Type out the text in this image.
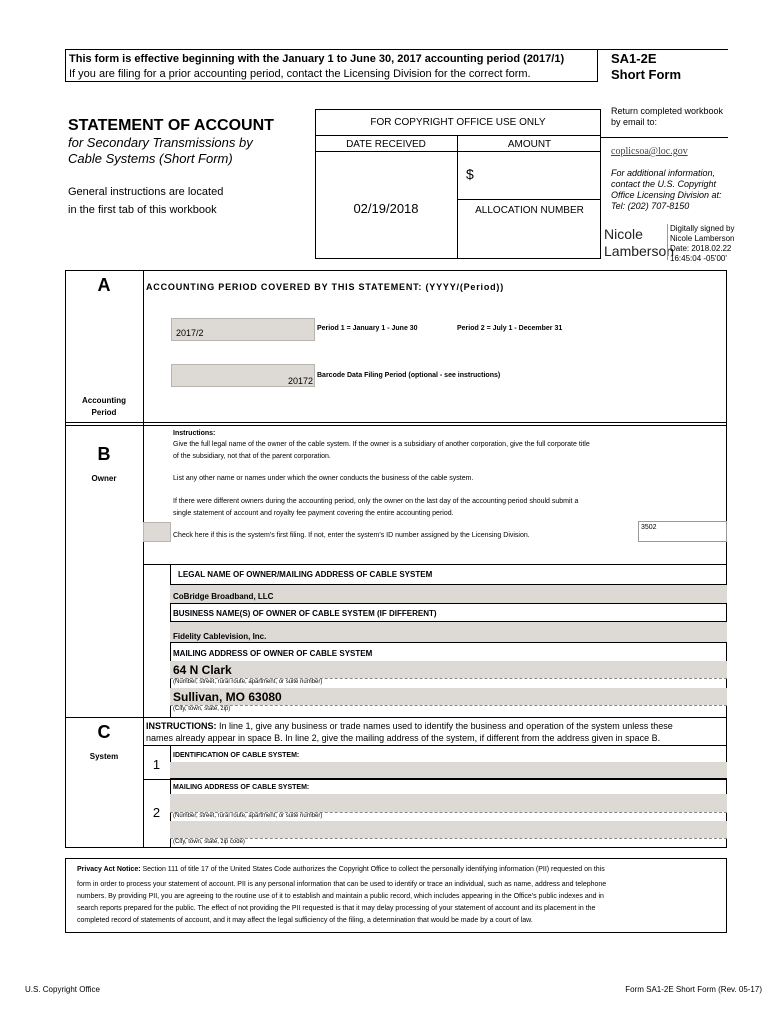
This form is effective beginning with the January 1 to June 30, 2017 accounting period (2017/1)
If you are filing for a prior accounting period, contact the Licensing Division for the correct form.
SA1-2E
Short Form
STATEMENT OF ACCOUNT
for Secondary Transmissions by
Cable Systems (Short Form)
General instructions are located
in the first tab of this workbook
FOR COPYRIGHT OFFICE USE ONLY
DATE RECEIVED	AMOUNT
$
02/19/2018	ALLOCATION NUMBER
Return completed workbook
by email to:
coplicsoa@loc.gov
For additional information,
contact the U.S. Copyright
Office Licensing Division at:
Tel: (202) 707-8150
Nicole
Lamberson
Digitally signed by
Nicole Lamberson
Date: 2018.02.22
16:45:04 -05'00'
A	ACCOUNTING PERIOD COVERED BY THIS STATEMENT: (YYYY/(Period))
2017/2	Period 1 = January 1 - June 30	Period 2 = July 1 - December 31
20172
Barcode Data Filing Period (optional - see instructions)
Accounting
Period
B
Owner
Instructions:
Give the full legal name of the owner of the cable system. If the owner is a subsidiary of another corporation, give the full corporate title
of the subsidiary, not that of the parent corporation.
List any other name or names under which the owner conducts the business of the cable system.
If there were different owners during the accounting period, only the owner on the last day of the accounting period should submit a
single statement of account and royalty fee payment covering the entire accounting period.
Check here if this is the system's first filing. If not, enter the system's ID number assigned by the Licensing Division.
3502
LEGAL NAME OF OWNER/MAILING ADDRESS OF CABLE SYSTEM
CoBridge Broadband, LLC
BUSINESS NAME(S) OF OWNER OF CABLE SYSTEM (IF DIFFERENT)
Fidelity Cablevision, Inc.
MAILING ADDRESS OF OWNER OF CABLE SYSTEM
64 N Clark
(Number, street, rural route, apartment, or suite number)
Sullivan, MO 63080
(City, town, state, zip)
C
System
INSTRUCTIONS: In line 1, give any business or trade names used to identify the business and operation of the system unless these
names already appear in space B. In line 2, give the mailing address of the system, if different from the address given in space B.
1
IDENTIFICATION OF CABLE SYSTEM:
MAILING ADDRESS OF CABLE SYSTEM:
2	(Number, street, rural route, apartment, or suite number)
(City, town, state, zip code)
Privacy Act Notice: Section 111 of title 17 of the United States Code authorizes the Copyright Office to collect the personally identifying information (PII) requested on this
form in order to process your statement of account. PII is any personal information that can be used to identify or trace an individual, such as name, address and telephone
numbers. By providing PII, you are agreeing to the routine use of it to establish and maintain a public record, which includes appearing in the Office's public indexes and in
search reports prepared for the public. The effect of not providing the PII requested is that it may delay processing of your statement of account and its placement in the
completed record of statements of account, and it may affect the legal sufficiency of the filing, a determination that would be made by a court of law.
U.S. Copyright Office	Form SA1-2E Short Form (Rev. 05-17)
